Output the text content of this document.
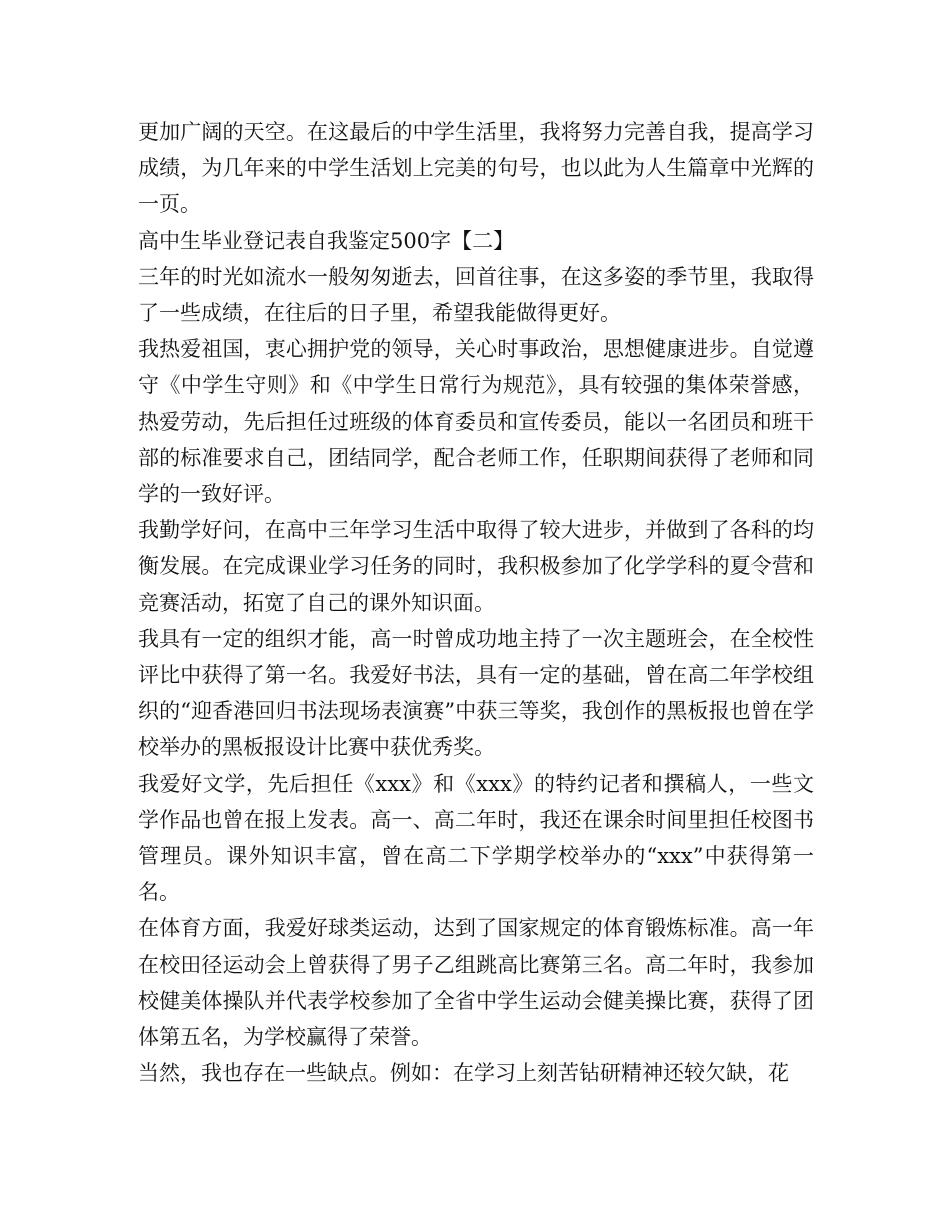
更加广阔的天空。在这最后的中学生活里，我将努力完善自我，提高学习成绩，为几年来的中学生活划上完美的句号，也以此为人生篇章中光辉的一页。

高中生毕业登记表自我鉴定500字【二】

三年的时光如流水一般匆匆逝去，回首往事，在这多姿的季节里，我取得了一些成绩，在往后的日子里，希望我能做得更好。

我热爱祖国，衷心拥护党的领导，关心时事政治，思想健康进步。自觉遵守《中学生守则》和《中学生日常行为规范》，具有较强的集体荣誉感，热爱劳动，先后担任过班级的体育委员和宣传委员，能以一名团员和班干部的标准要求自己，团结同学，配合老师工作，任职期间获得了老师和同学的一致好评。

我勤学好问，在高中三年学习生活中取得了较大进步，并做到了各科的均衡发展。在完成课业学习任务的同时，我积极参加了化学学科的夏令营和竞赛活动，拓宽了自己的课外知识面。

我具有一定的组织才能，高一时曾成功地主持了一次主题班会，在全校性评比中获得了第一名。我爱好书法，具有一定的基础，曾在高二年学校组织的“迎香港回归书法现场表演赛”中获三等奖，我创作的黑板报也曾在学校举办的黑板报设计比赛中获优秀奖。

我爱好文学，先后担任《xxx》和《xxx》的特约记者和撰稿人，一些文学作品也曾在报上发表。高一、高二年时，我还在课余时间里担任校图书管理员。课外知识丰富，曾在高二下学期学校举办的“xxx”中获得第一名。

在体育方面，我爱好球类运动，达到了国家规定的体育锻炼标准。高一年在校田径运动会上曾获得了男子乙组跳高比赛第三名。高二年时，我参加校健美体操队并代表学校参加了全省中学生运动会健美操比赛，获得了团体第五名，为学校赢得了荣誉。

当然，我也存在一些缺点。例如：在学习上刻苦钻研精神还较欠缺，花
